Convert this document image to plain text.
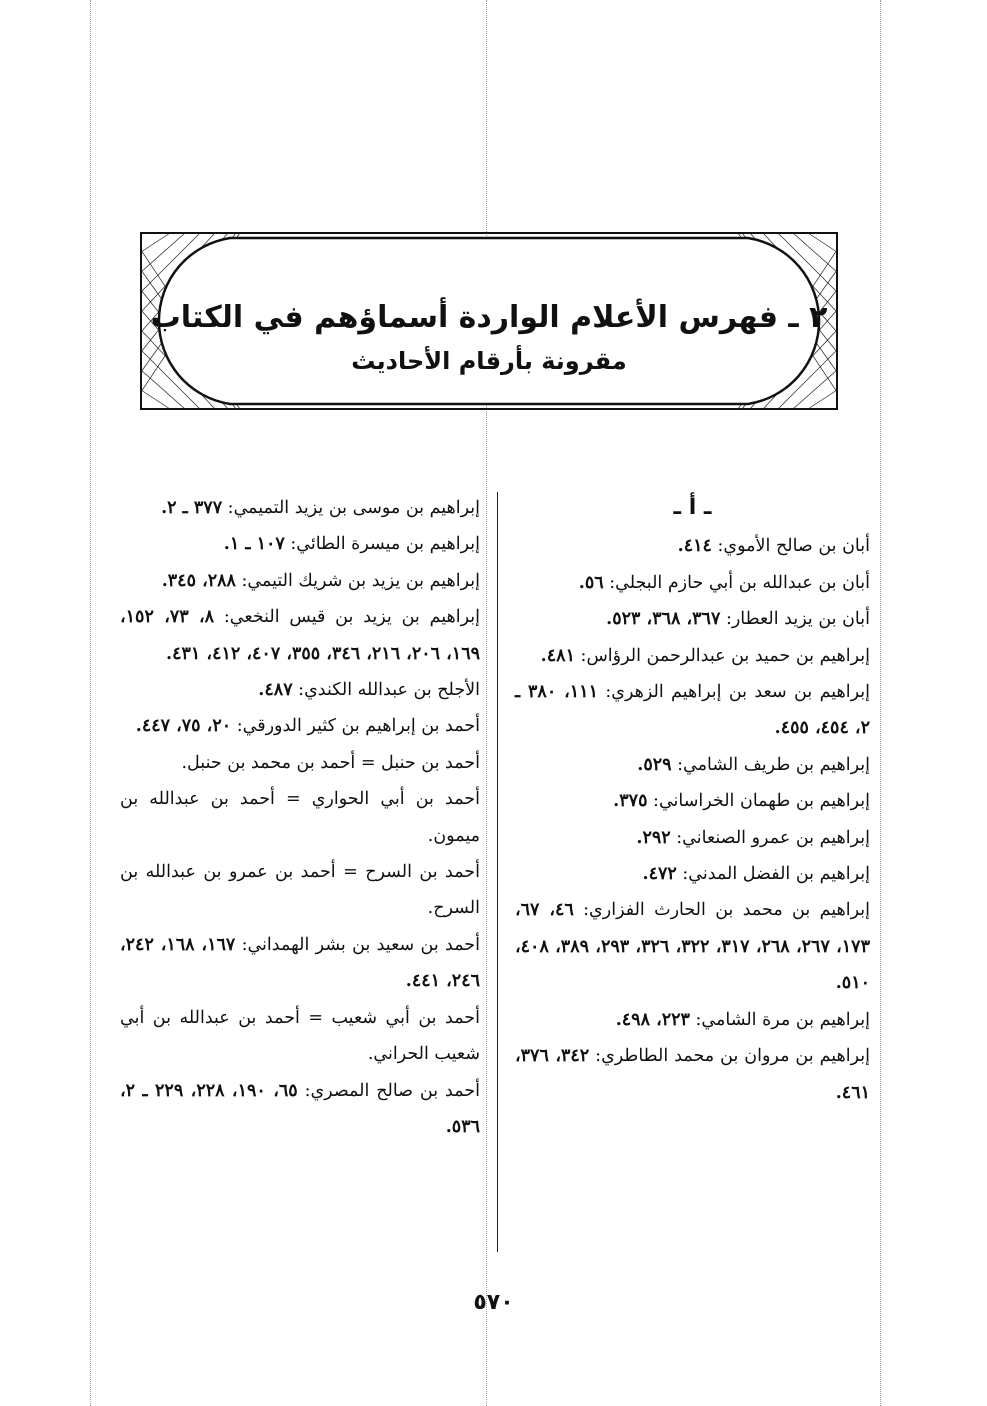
٢ ـ فهرس الأعلام الواردة أسماؤهم في الكتاب
مقرونة بأرقام الأحاديث
ـ أ ـ
أبان بن صالح الأموي: ٤١٤.
أبان بن عبدالله بن أبي حازم البجلي: ٥٦.
أبان بن يزيد العطار: ٣٦٧، ٣٦٨، ٥٢٣.
إبراهيم بن حميد بن عبدالرحمن الرؤاس: ٤٨١.
إبراهيم بن سعد بن إبراهيم الزهري: ١١١، ٣٨٠ ـ ٢، ٤٥٤، ٤٥٥.
إبراهيم بن طريف الشامي: ٥٢٩.
إبراهيم بن طهمان الخراساني: ٣٧٥.
إبراهيم بن عمرو الصنعاني: ٢٩٢.
إبراهيم بن الفضل المدني: ٤٧٢.
إبراهيم بن محمد بن الحارث الفزاري: ٤٦، ٦٧، ١٧٣، ٢٦٧، ٢٦٨، ٣١٧، ٣٢٢، ٣٢٦، ٢٩٣، ٣٨٩، ٤٠٨، ٥١٠.
إبراهيم بن مرة الشامي: ٢٢٣، ٤٩٨.
إبراهيم بن مروان بن محمد الطاطري: ٣٤٢، ٣٧٦، ٤٦١.
إبراهيم بن موسى بن يزيد التميمي: ٣٧٧ ـ ٢.
إبراهيم بن ميسرة الطائي: ١٠٧ ـ ١.
إبراهيم بن يزيد بن شريك التيمي: ٢٨٨، ٣٤٥.
إبراهيم بن يزيد بن قيس النخعي: ٨، ٧٣، ١٥٢، ١٦٩، ٢٠٦، ٢١٦، ٣٤٦، ٣٥٥، ٤٠٧، ٤١٢، ٤٣١.
الأجلح بن عبدالله الكندي: ٤٨٧.
أحمد بن إبراهيم بن كثير الدورقي: ٢٠، ٧٥، ٤٤٧.
أحمد بن حنبل = أحمد بن محمد بن حنبل.
أحمد بن أبي الحواري = أحمد بن عبدالله بن ميمون.
أحمد بن السرح = أحمد بن عمرو بن عبدالله بن السرح.
أحمد بن سعيد بن بشر الهمداني: ١٦٧، ١٦٨، ٢٤٢، ٢٤٦، ٤٤١.
أحمد بن أبي شعيب = أحمد بن عبدالله بن أبي شعيب الحراني.
أحمد بن صالح المصري: ٦٥، ١٩٠، ٢٢٨، ٢٢٩ ـ ٢، ٥٣٦.
٥٧٠
